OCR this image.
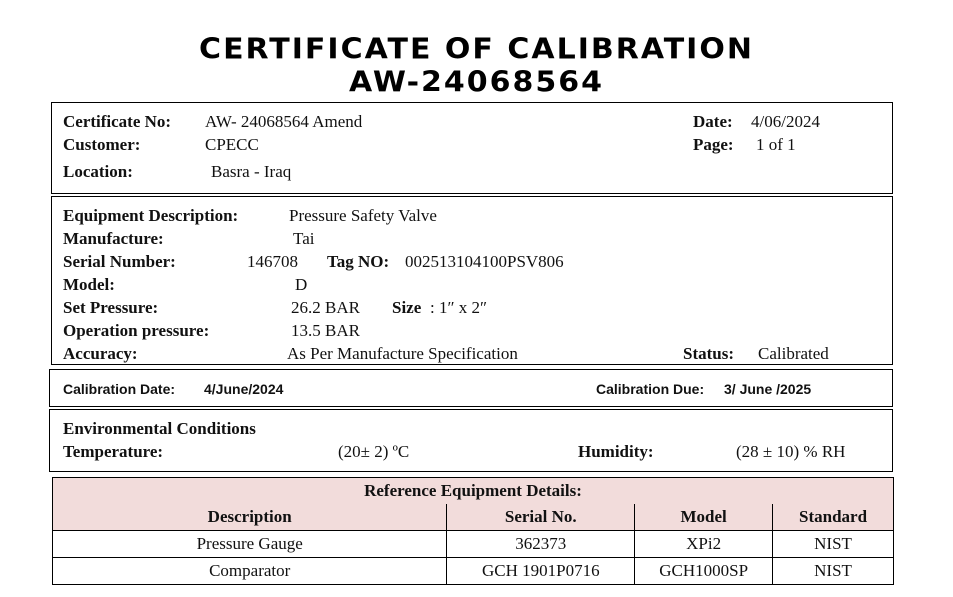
CERTIFICATE OF CALIBRATION
AW-24068564
Certificate No: AW- 24068564 Amend
Customer:	CPECC
Location:	Basra - Iraq
Date: 4/06/2024
Page: 1 of 1
Equipment Description:	Pressure Safety Valve
Manufacture:	Tai
Serial Number:	146708 Tag NO: 002513104100PSV806
Model:	D
Set Pressure:	26.2 BAR Size : 1″ x 2″
Operation pressure:	13.5 BAR
Accuracy:	As Per Manufacture Specification	Status: Calibrated
Calibration Date: 4/June/2024	Calibration Due: 3/ June /2025
Environmental Conditions
Temperature:	(20± 2) ºC	Humidity:	(28 ± 10) % RH
Reference Equipment Details:			
Description	Serial No.	Model	Standard
Pressure Gauge	362373	XPi2	NIST
Comparator	GCH 1901P0716	GCH1000SP	NIST
